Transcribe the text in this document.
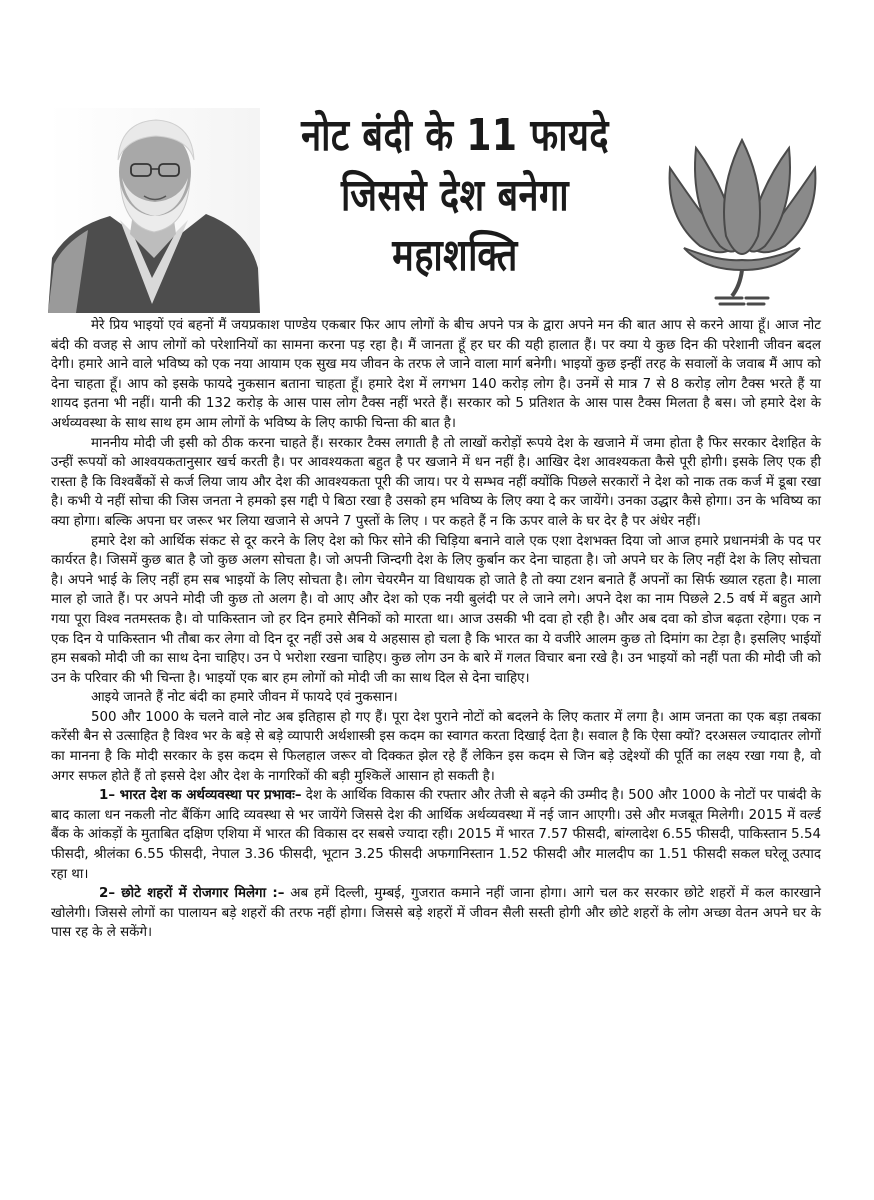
नोट बंदी के 11 फायदे
जिससे देश बनेगा
महाशक्ति

मेरे प्रिय भाइयों एवं बहनों मैं जयप्रकाश पाण्डेय एकबार फिर आप लोगों के बीच अपने पत्र के द्वारा अपने मन की बात आप से करने आया हूँ। आज नोट बंदी की वजह से आप लोगों को परेशानियों का सामना करना पड़ रहा है। मैं जानता हूँ हर घर की यही हालात हैं। पर क्या ये कुछ दिन की परेशानी जीवन बदल देगी। हमारे आने वाले भविष्य को एक नया आयाम एक सुख मय जीवन के तरफ ले जाने वाला मार्ग बनेगी। भाइयों कुछ इन्हीं तरह के सवालों के जवाब मैं आप को देना चाहता हूँ। आप को इसके फायदे नुकसान बताना चाहता हूँ। हमारे देश में लगभग 140 करोड़ लोग है। उनमें से मात्र 7 से 8 करोड़ लोग टैक्स भरते हैं या शायद इतना भी नहीं। यानी की 132 करोड़ के आस पास लोग टैक्स नहीं भरते हैं। सरकार को 5 प्रतिशत के आस पास टैक्स मिलता है बस। जो हमारे देश के अर्थव्यवस्था के साथ साथ हम आम लोगों के भविष्य के लिए काफी चिन्ता की बात है।

माननीय मोदी जी इसी को ठीक करना चाहते हैं। सरकार टैक्स लगाती है तो लाखों करोड़ों रूपये देश के खजाने में जमा होता है फिर सरकार देशहित के उन्हीं रूपयों को आश्वयकतानुसार खर्च करती है। पर आवश्यकता बहुत है पर खजाने में धन नहीं है। आखिर देश आवश्यकता कैसे पूरी होगी। इसके लिए एक ही रास्ता है कि विश्वबैंकों से कर्ज लिया जाय और देश की आवश्यकता पूरी की जाय। पर ये सम्भव नहीं क्योंकि पिछले सरकारों ने देश को नाक तक कर्ज में डूबा रखा है। कभी ये नहीं सोचा की जिस जनता ने हमको इस गद्दी पे बिठा रखा है उसको हम भविष्य के लिए क्या दे कर जायेंगे। उनका उद्धार कैसे होगा। उन के भविष्य का क्या होगा। बल्कि अपना घर जरूर भर लिया खजाने से अपने 7 पुस्तों के लिए । पर कहते हैं न कि ऊपर वाले के घर देर है पर अंधेर नहीं।

हमारे देश को आर्थिक संकट से दूर करने के लिए देश को फिर सोने की चिड़िया बनाने वाले एक एशा देशभक्त दिया जो आज हमारे प्रधानमंत्री के पद पर कार्यरत है। जिसमें कुछ बात है जो कुछ अलग सोचता है। जो अपनी जिन्दगी देश के लिए कुर्बान कर देना चाहता है। जो अपने घर के लिए नहीं देश के लिए सोचता है। अपने भाई के लिए नहीं हम सब भाइयों के लिए सोचता है। लोग चेयरमैन या विधायक हो जाते है तो क्या टशन बनाते हैं अपनों का सिर्फ ख्याल रहता है। माला माल हो जाते हैं। पर अपने मोदी जी कुछ तो अलग है। वो आए और देश को एक नयी बुलंदी पर ले जाने लगे। अपने देश का नाम पिछले 2.5 वर्ष में बहुत आगे गया पूरा विश्व नतमस्तक है। वो पाकिस्तान जो हर दिन हमारे सैनिकों को मारता था। आज उसकी भी दवा हो रही है। और अब दवा को डोज बढ़ता रहेगा। एक न एक दिन ये पाकिस्तान भी तौबा कर लेगा वो दिन दूर नहीं उसे अब ये अहसास हो चला है कि भारत का ये वजीरे आलम कुछ तो दिमांग का टेड़ा है। इसलिए भाईयों हम सबको मोदी जी का साथ देना चाहिए। उन पे भरोशा रखना चाहिए। कुछ लोग उन के बारे में गलत विचार बना रखे है। उन भाइयों को नहीं पता की मोदी जी को उन के परिवार की भी चिन्ता है। भाइयों एक बार हम लोगों को मोदी जी का साथ दिल से देना चाहिए।

आइये जानते हैं नोट बंदी का हमारे जीवन में फायदे एवं नुकसान।

500 और 1000 के चलने वाले नोट अब इतिहास हो गए हैं। पूरा देश पुराने नोटों को बदलने के लिए कतार में लगा है। आम जनता का एक बड़ा तबका करेंसी बैन से उत्साहित है विश्व भर के बड़े से बड़े व्यापारी अर्थशास्त्री इस कदम का स्वागत करता दिखाई देता है। सवाल है कि ऐसा क्यों? दरअसल ज्यादातर लोगों का मानना है कि मोदी सरकार के इस कदम से फिलहाल जरूर वो दिक्कत झेल रहे हैं लेकिन इस कदम से जिन बड़े उद्देश्यों की पूर्ति का लक्ष्य रखा गया है, वो अगर सफल होते हैं तो इससे देश और देश के नागरिकों की बड़ी मुश्किलें आसान हो सकती है।

1– भारत देश क अर्थव्यवस्था पर प्रभावः– देश के आर्थिक विकास की रफ्तार और तेजी से बढ़ने की उम्मीद है। 500 और 1000 के नोटों पर पाबंदी के बाद काला धन नकली नोट बैंकिंग आदि व्यवस्था से भर जायेंगे जिससे देश की आर्थिक अर्थव्यवस्था में नई जान आएगी। उसे और मजबूत मिलेगी। 2015 में वर्ल्ड बैंक के आंकड़ों के मुताबित दक्षिण एशिया में भारत की विकास दर सबसे ज्यादा रही। 2015 में भारत 7.57 फीसदी, बांग्लादेश 6.55 फीसदी, पाकिस्तान 5.54 फीसदी, श्रीलंका 6.55 फीसदी, नेपाल 3.36 फीसदी, भूटान 3.25 फीसदी अफगानिस्तान 1.52 फीसदी और मालदीप का 1.51 फीसदी सकल घरेलू उत्पाद रहा था।

2– छोटे शहरों में रोजगार मिलेगा :– अब हमें दिल्ली, मुम्बई, गुजरात कमाने नहीं जाना होगा। आगे चल कर सरकार छोटे शहरों में कल कारखाने खोलेगी। जिससे लोगों का पालायन बड़े शहरों की तरफ नहीं होगा। जिससे बड़े शहरों में जीवन सैली सस्ती होगी और छोटे शहरों के लोग अच्छा वेतन अपने घर के पास रह के ले सकेंगे।
